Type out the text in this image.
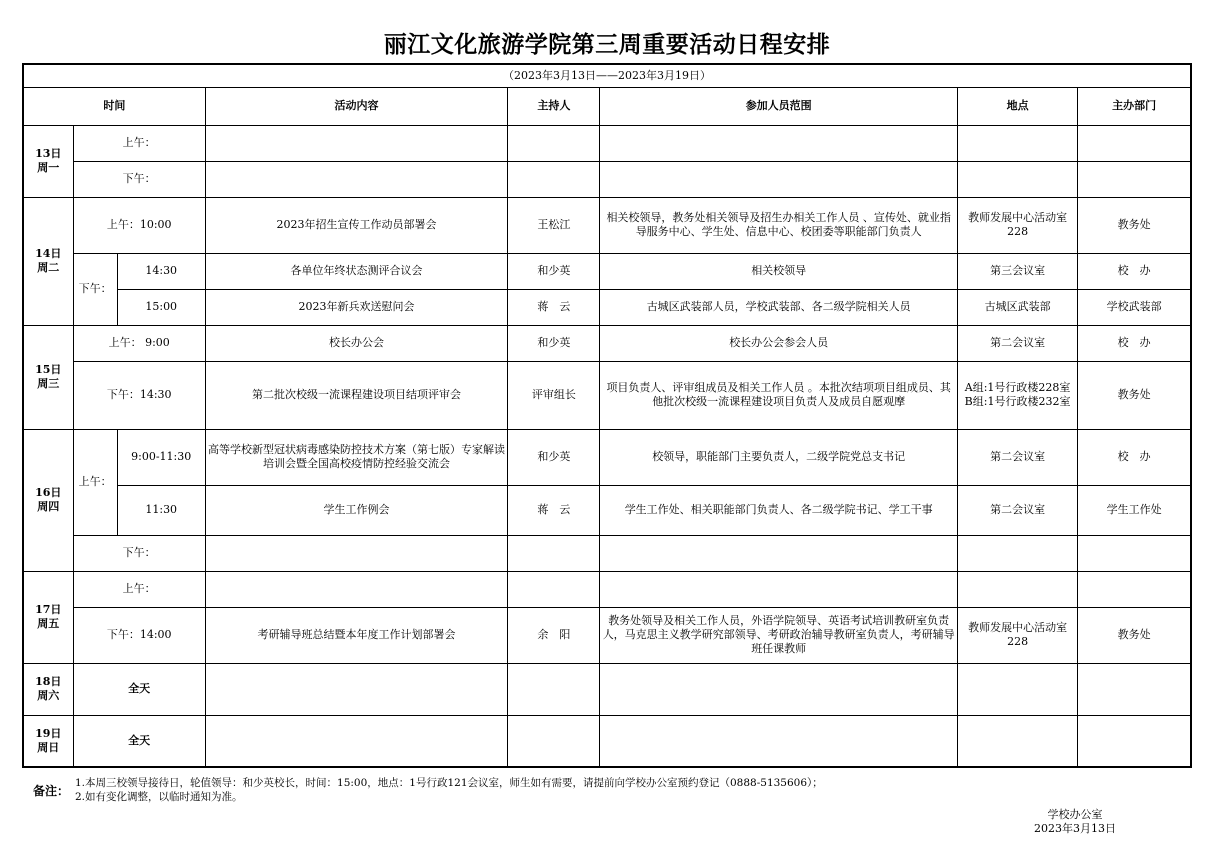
丽江文化旅游学院第三周重要活动日程安排
（2023年3月13日——2023年3月19日）							
时间			活动内容	主持人	参加人员范围	地点	主办部门

13日
周一	上午：						
	下午：						

14日
周二	上午：10:00		2023年招生宣传工作动员部署会	王松江	相关校领导，教务处相关领导及招生办相关工作人员 、宣传处、就业指导服务中心、学生处、信息中心、校团委等职能部门负责人	教师发展中心活动室228	教务处
	下午：	14:30	各单位年终状态测评合议会	和少英	相关校领导	第三会议室	校　办
		15:00	2023年新兵欢送慰问会	蒋　云	古城区武装部人员，学校武装部、各二级学院相关人员	古城区武装部	学校武装部

15日
周三	上午： 9:00		校长办公会	和少英	校长办公会参会人员	第二会议室	校　办
	下午：14:30		第二批次校级一流课程建设项目结项评审会	评审组长	项目负责人、评审组成员及相关工作人员 。本批次结项项目组成员、其他批次校级一流课程建设项目负责人及成员自愿观摩	A组:1号行政楼228室 B组:1号行政楼232室	教务处

16日
周四	上午：	9:00-11:30	高等学校新型冠状病毒感染防控技术方案（第七版）专家解读培训会暨全国高校疫情防控经验交流会	和少英	校领导，职能部门主要负责人，二级学院党总支书记	第二会议室	校　办
		11:30	学生工作例会	蒋　云	学生工作处、相关职能部门负责人、各二级学院书记、学工干事	第二会议室	学生工作处
	下午：						

17日
周五	上午：						
	下午：14:00		考研辅导班总结暨本年度工作计划部署会	余　阳	教务处领导及相关工作人员，外语学院领导、英语考试培训教研室负责人，马克思主义教学研究部领导、考研政治辅导教研室负责人，考研辅导班任课教师	教师发展中心活动室228	教务处

18日
周六	全天						

19日
周日	全天						
备注：
1.本周三校领导接待日，轮值领导：和少英校长，时间：15:00，地点：1号行政121会议室，师生如有需要，请提前向学校办公室预约登记（0888-5135606）；
2.如有变化调整，以临时通知为准。
学校办公室
2023年3月13日
